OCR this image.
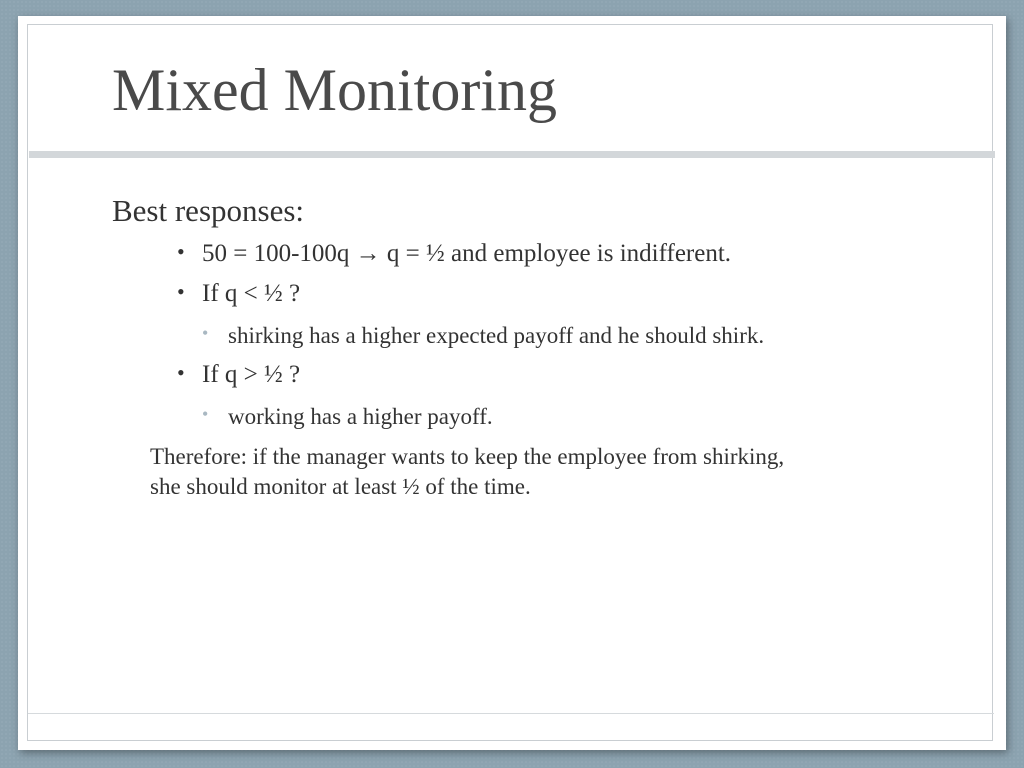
Mixed Monitoring

Best responses:

• 50 = 100-100q → q = ½ and employee is indifferent.
• If q < ½ ?
• shirking has a higher expected payoff and he should shirk.
• If q > ½ ?
• working has a higher payoff.
Therefore: if the manager wants to keep the employee from shirking,
she should monitor at least ½ of the time.
